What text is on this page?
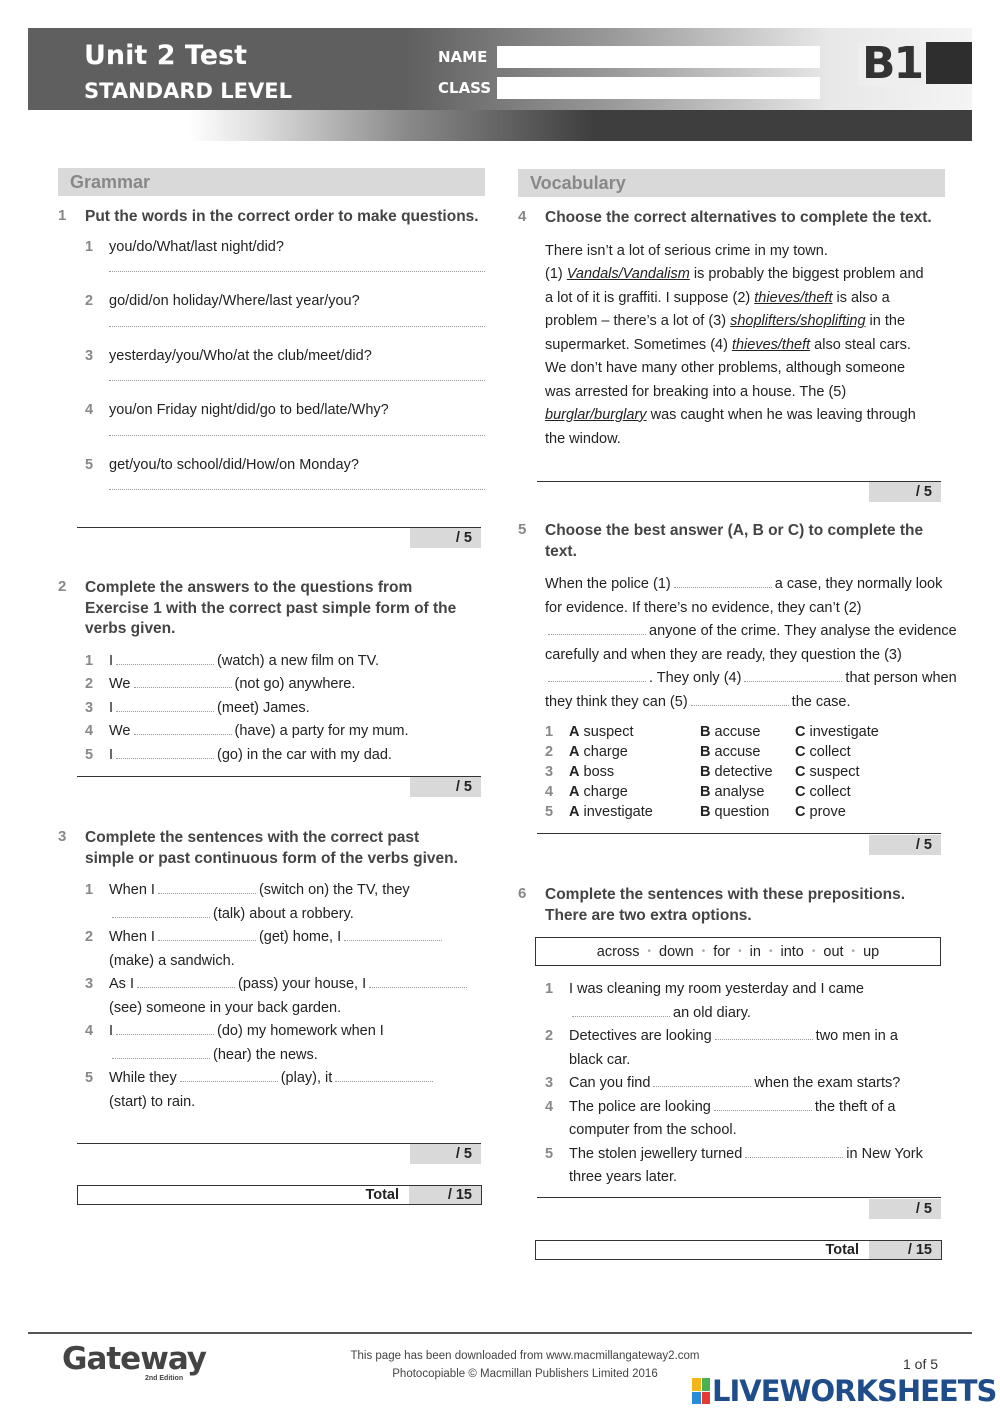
Unit 2 Test
STANDARD LEVEL
NAME
CLASS	B1
Grammar
1 Put the words in the correct order to make questions.
1	you/do/What/last night/did?
2	go/did/on holiday/Where/last year/you?
3	yesterday/you/Who/at the club/meet/did?
4	you/on Friday night/did/go to bed/late/Why?
5	get/you/to school/did/How/on Monday?
/ 5
2 Complete the answers to the questions from Exercise 1 with the correct past simple form of the verbs given.
1	I	(watch) a new film on TV.
2	We	(not go) anywhere.
3	I	(meet) James.
4	We	(have) a party for my mum.
5	I	(go) in the car with my dad.
/ 5
3 Complete the sentences with the correct past simple or past continuous form of the verbs given.
1	When I	(switch on) the TV, they
(talk) about a robbery.
2	When I	(get) home, I
(make) a sandwich.
3	As I	(pass) your house, I
(see) someone in your back garden.
4	I	(do) my homework when I
(hear) the news.
5	While they	(play), it
(start) to rain.
/ 5
Total	/ 15
Vocabulary
4 Choose the correct alternatives to complete the text.
There isn’t a lot of serious crime in my town.
(1) Vandals/Vandalism is probably the biggest problem and a lot of it is graffiti. I suppose (2) thieves/theft is also a problem – there’s a lot of (3) shoplifters/shoplifting in the supermarket. Sometimes (4) thieves/theft also steal cars. We don’t have many other problems, although someone was arrested for breaking into a house. The (5) burglar/burglary was caught when he was leaving through the window.
/ 5
5 Choose the best answer (A, B or C) to complete the text.
When the police (1)	a case, they normally look for evidence. If there’s no evidence, they can’t (2)anyone of the crime. They analyse the evidence carefully and when they are ready, they question the (3). They only (4)	that person when they think they can (5)	the case.
1	A suspect	B accuse	C investigate
2	A charge	B accuse	C collect
3	A boss	B detective	C suspect
4	A charge	B analyse	C collect
5	A investigate	B question	C prove
/ 5
6 Complete the sentences with these prepositions. There are two extra options.
across • down • for • in • into • out • up
1	I was cleaning my room yesterday and I came
an old diary.
2	Detectives are looking	two men in a black car.
3	Can you find	when the exam starts?
4	The police are looking	the theft of a computer from the school.
5	The stolen jewellery turned	in New York three years later.
/ 5
Total	/ 15
Gateway
2nd Edition
This page has been downloaded from www.macmillangateway2.com
Photocopiable © Macmillan Publishers Limited 2016
1 of 5
LIVEWORKSHEETS
